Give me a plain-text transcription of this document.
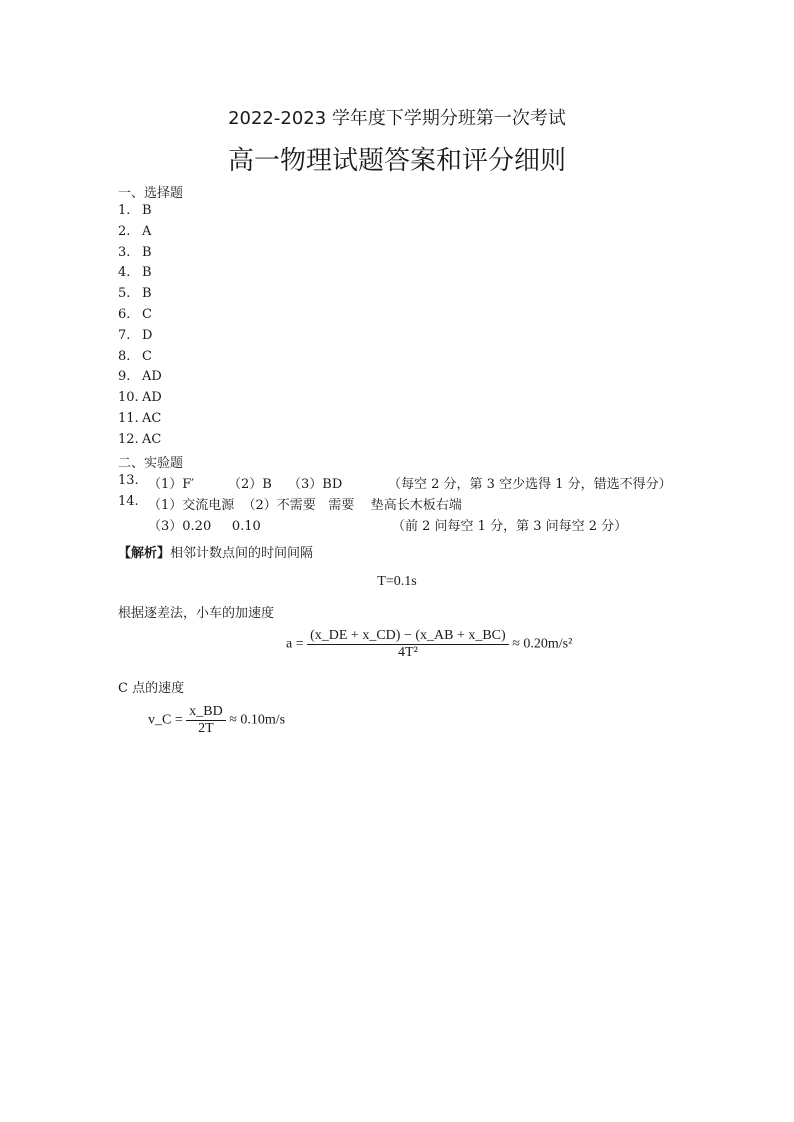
2022-2023 学年度下学期分班第一次考试
高一物理试题答案和评分细则
一、选择题
1. B
2. A
3. B
4. B
5. B
6. C
7. D
8. C
9. AD
10. AD
11. AC
12. AC
二、实验题
13. （1）F′	（2）B （3）BD	（每空 2 分，第 3 空少选得 1 分，错选不得分）
14. （1）交流电源  （2）不需要   需要    垫高长木板右端
（3）0.20     0.10	（前 2 问每空 1 分，第 3 问每空 2 分）
【解析】相邻计数点间的时间间隔
T=0.1s
根据逐差法，小车的加速度
$a = \frac{(x\_DE + x\_CD) - (x\_AB + x\_BC)}{\text{4T²}} \approx 0.20m/s^2$
C 点的速度
v_C = $\frac{x\_BD}{2T} \approx 0.10m/s$
